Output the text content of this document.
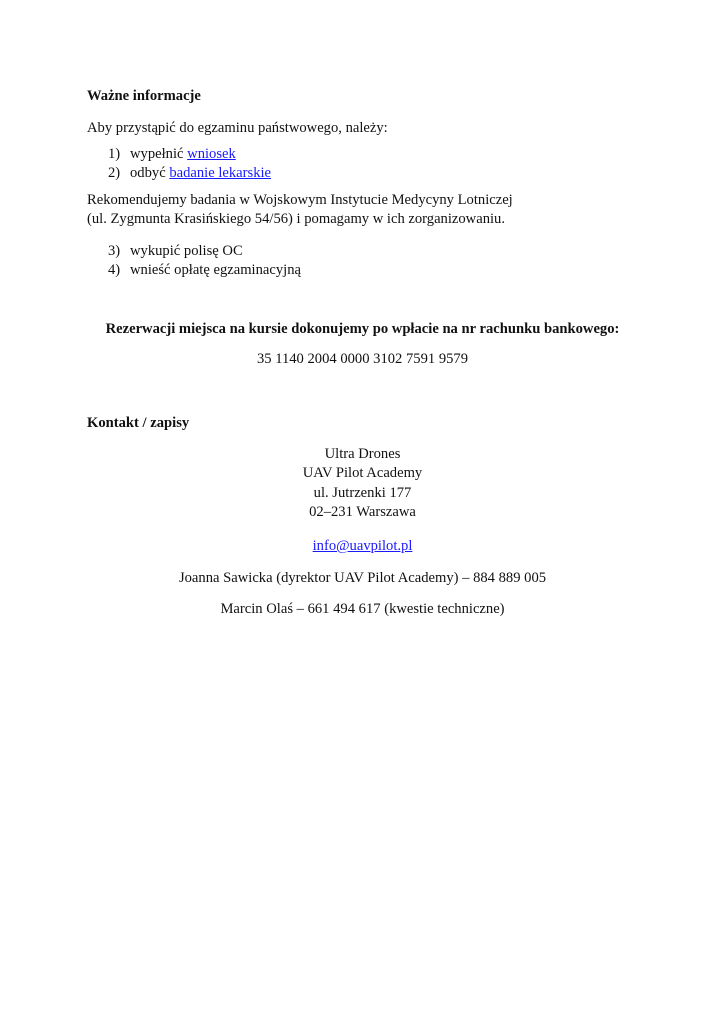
Ważne informacje
Aby przystąpić do egzaminu państwowego, należy:
1) wypełnić wniosek
2) odbyć badanie lekarskie
Rekomendujemy badania w Wojskowym Instytucie Medycyny Lotniczej
(ul. Zygmunta Krasińskiego 54/56) i pomagamy w ich zorganizowaniu.
3) wykupić polisę OC
4) wnieść opłatę egzaminacyjną
Rezerwacji miejsca na kursie dokonujemy po wpłacie na nr rachunku bankowego:
35 1140 2004 0000 3102 7591 9579
Kontakt / zapisy
Ultra Drones
UAV Pilot Academy
ul. Jutrzenki 177
02–231 Warszawa
info@uavpilot.pl
Joanna Sawicka (dyrektor UAV Pilot Academy) – 884 889 005
Marcin Olaś – 661 494 617 (kwestie techniczne)
